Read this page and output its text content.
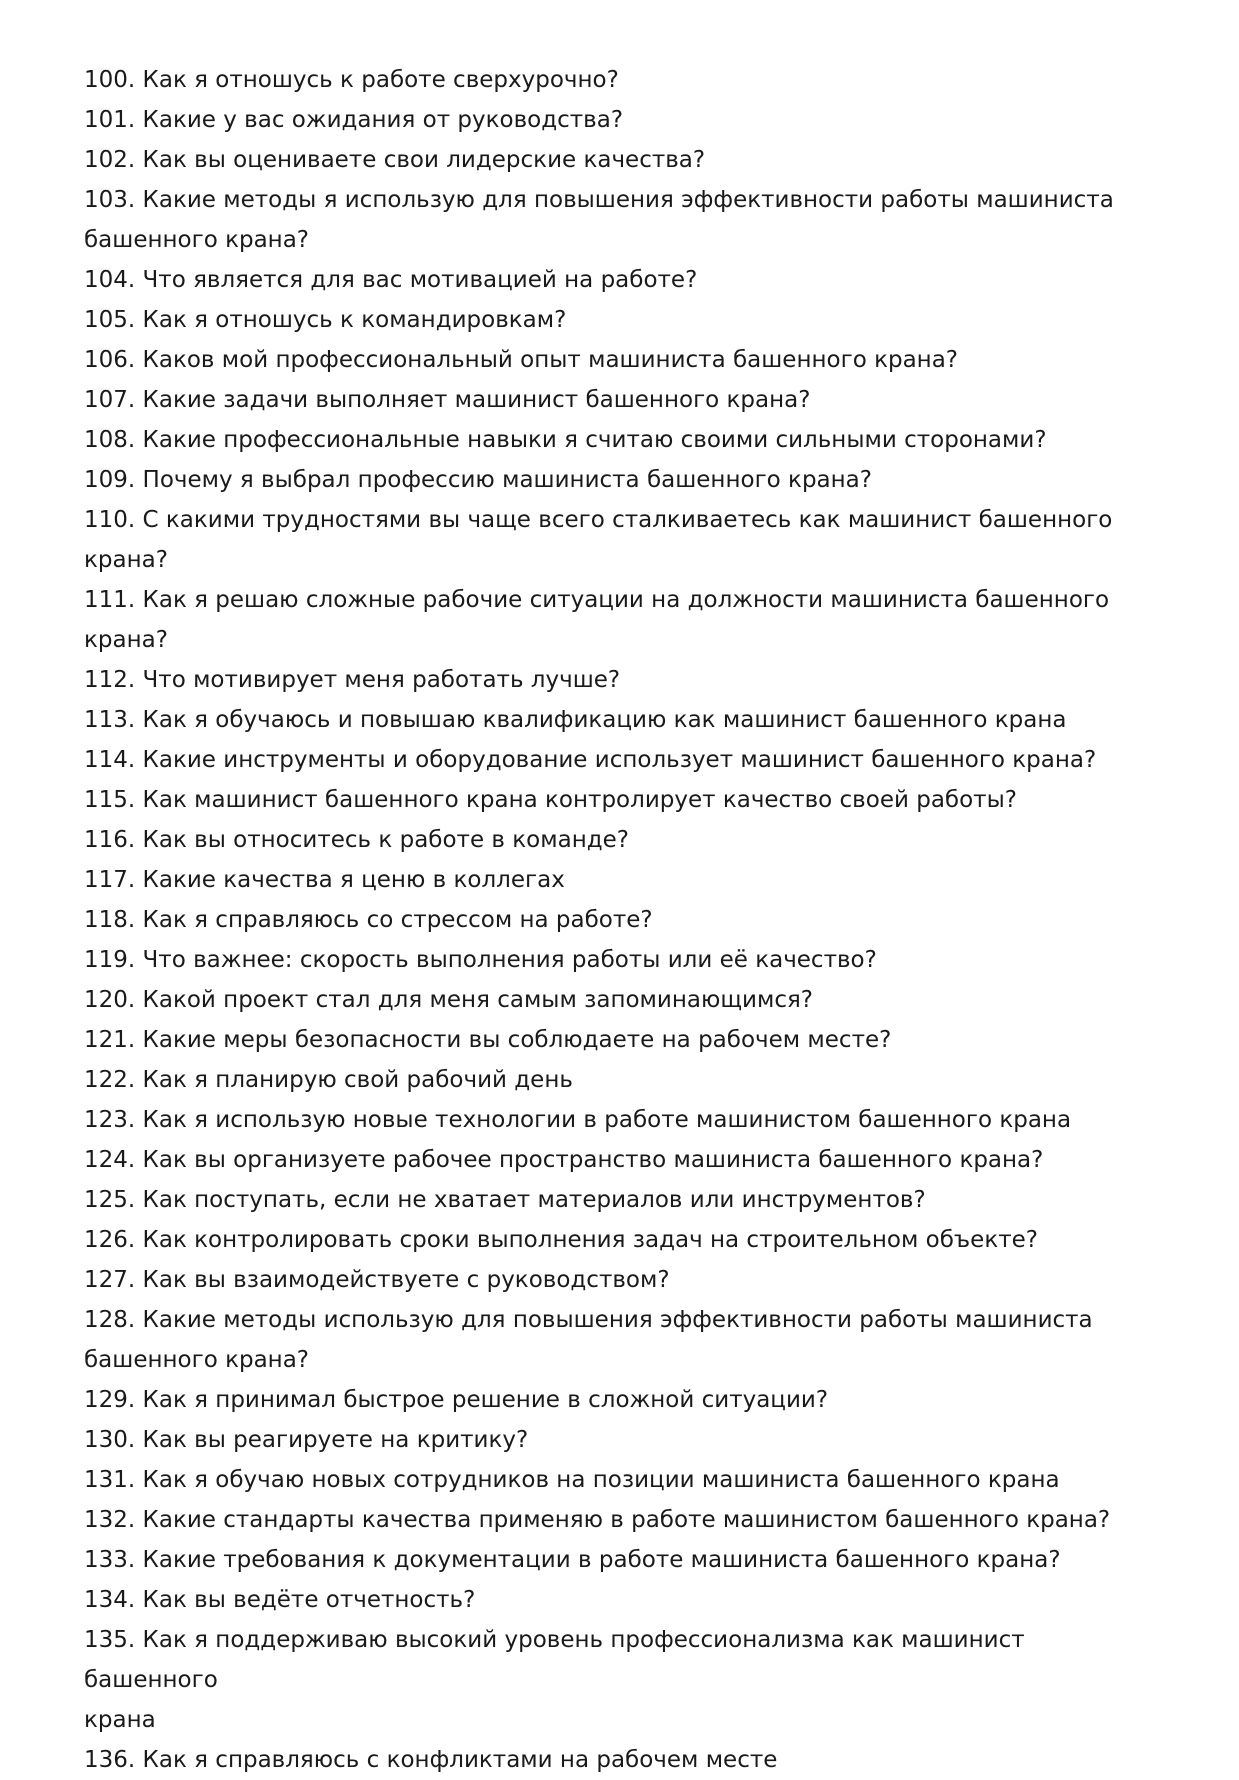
100. Как я отношусь к работе сверхурочно?
101. Какие у вас ожидания от руководства?
102. Как вы оцениваете свои лидерские качества?
103. Какие методы я использую для повышения эффективности работы машиниста
башенного крана?
104. Что является для вас мотивацией на работе?
105. Как я отношусь к командировкам?
106. Каков мой профессиональный опыт машиниста башенного крана?
107. Какие задачи выполняет машинист башенного крана?
108. Какие профессиональные навыки я считаю своими сильными сторонами?
109. Почему я выбрал профессию машиниста башенного крана?
110. С какими трудностями вы чаще всего сталкиваетесь как машинист башенного крана?
111. Как я решаю сложные рабочие ситуации на должности машиниста башенного крана?
112. Что мотивирует меня работать лучше?
113. Как я обучаюсь и повышаю квалификацию как машинист башенного крана
114. Какие инструменты и оборудование использует машинист башенного крана?
115. Как машинист башенного крана контролирует качество своей работы?
116. Как вы относитесь к работе в команде?
117. Какие качества я ценю в коллегах
118. Как я справляюсь со стрессом на работе?
119. Что важнее: скорость выполнения работы или её качество?
120. Какой проект стал для меня самым запоминающимся?
121. Какие меры безопасности вы соблюдаете на рабочем месте?
122. Как я планирую свой рабочий день
123. Как я использую новые технологии в работе машинистом башенного крана
124. Как вы организуете рабочее пространство машиниста башенного крана?
125. Как поступать, если не хватает материалов или инструментов?
126. Как контролировать сроки выполнения задач на строительном объекте?
127. Как вы взаимодействуете с руководством?
128. Какие методы использую для повышения эффективности работы машиниста
башенного крана?
129. Как я принимал быстрое решение в сложной ситуации?
130. Как вы реагируете на критику?
131. Как я обучаю новых сотрудников на позиции машиниста башенного крана
132. Какие стандарты качества применяю в работе машинистом башенного крана?
133. Какие требования к документации в работе машиниста башенного крана?
134. Как вы ведёте отчетность?
135. Как я поддерживаю высокий уровень профессионализма как машинист башенного
крана
136. Как я справляюсь с конфликтами на рабочем месте
